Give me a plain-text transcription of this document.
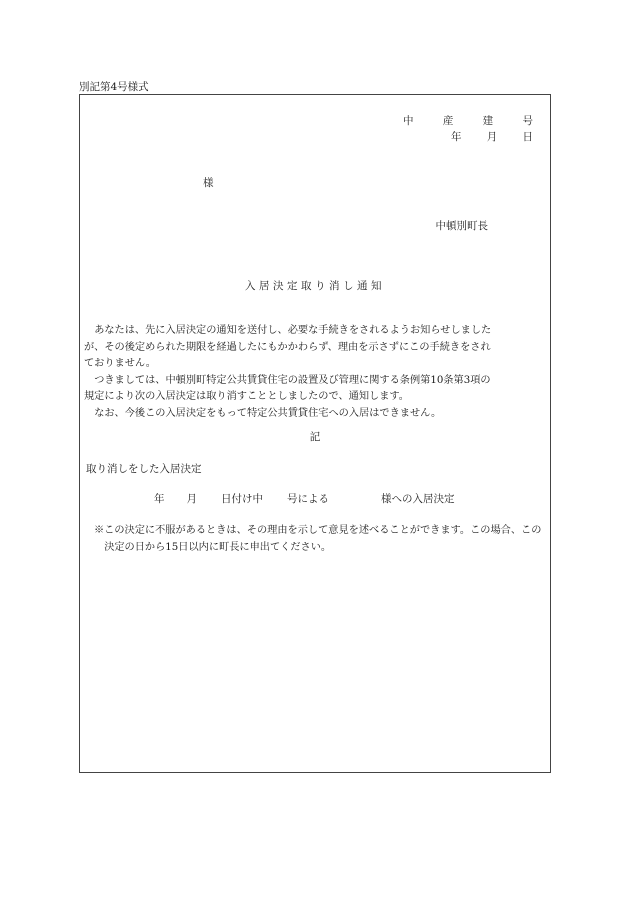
別記第4号様式
中	産	建	号
年 月 日
様
中頓別町長
入居決定取り消し通知

あなたは、先に入居決定の通知を送付し、必要な手続きをされるようお知らせしました

が、その後定められた期限を経過したにもかかわらず、理由を示さずにこの手続きをされ

ておりません。

つきましては、中頓別町特定公共賃貸住宅の設置及び管理に関する条例第10条第3項の

規定により次の入居決定は取り消すこととしましたので、通知します。

なお、今後この入居決定をもって特定公共賃貸住宅への入居はできません。

記
取り消しをした入居決定
年 月 日付け中 号による	様への入居決定

※この決定に不服があるときは、その理由を示して意見を述べることができます。この場合、この決定の日から15日以内に町長に申出てください。
